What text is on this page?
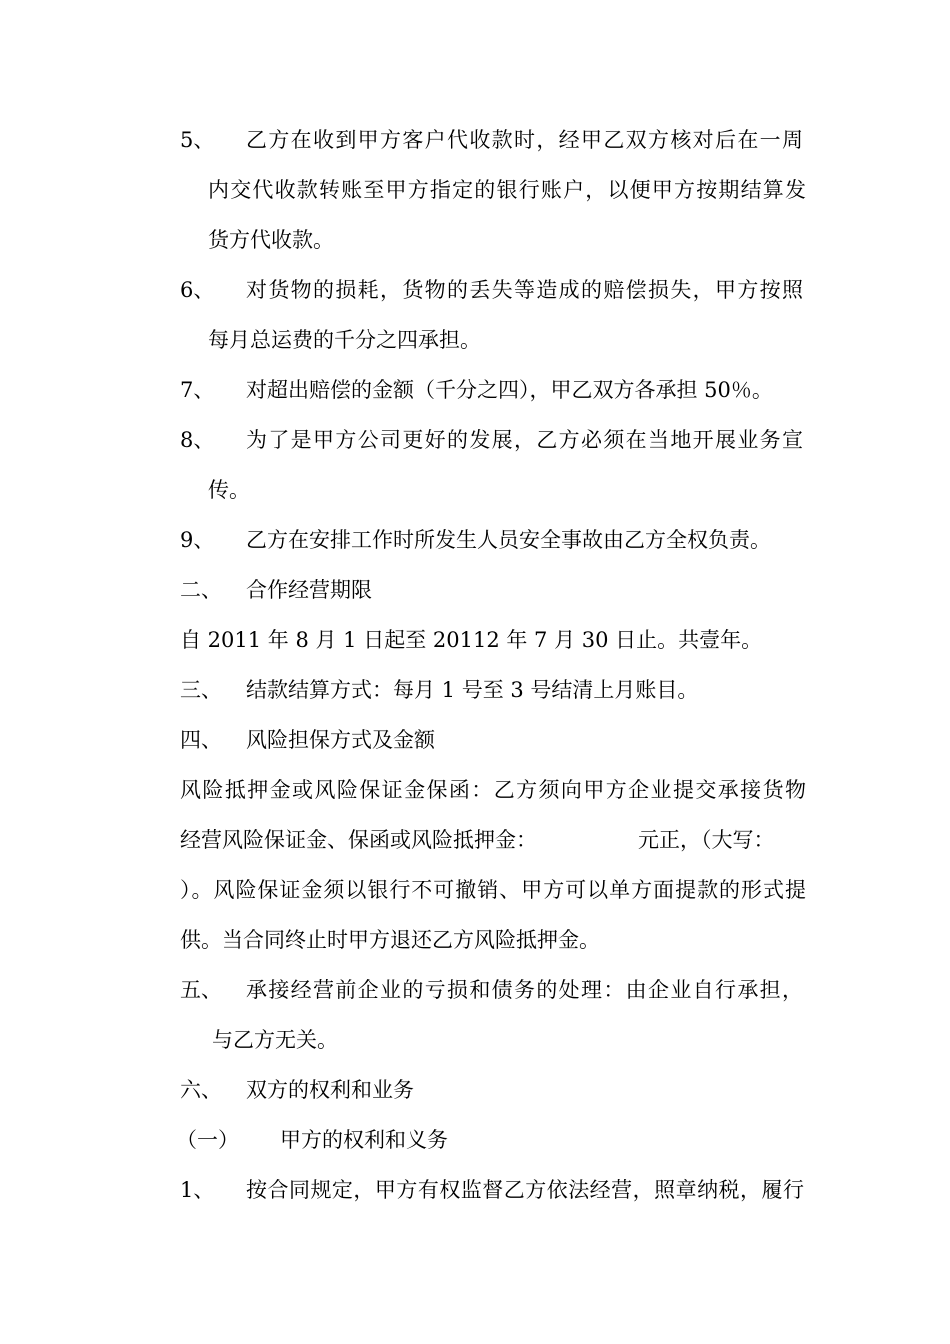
5、 乙方在收到甲方客户代收款时，经甲乙双方核对后在一周
内交代收款转账至甲方指定的银行账户，以便甲方按期结算发
货方代收款。
6、 对货物的损耗，货物的丢失等造成的赔偿损失，甲方按照
每月总运费的千分之四承担。
7、 对超出赔偿的金额（千分之四），甲乙双方各承担 50％。
8、 为了是甲方公司更好的发展，乙方必须在当地开展业务宣
传。
9、 乙方在安排工作时所发生人员安全事故由乙方全权负责。
二、 合作经营期限
自 2011 年 8 月 1 日起至 20112 年 7 月 30 日止。共壹年。
三、 结款结算方式：每月 1 号至 3 号结清上月账目。
四、 风险担保方式及金额
风险抵押金或风险保证金保函：乙方须向甲方企业提交承接货物
经营风险保证金、保函或风险抵押金：	元正，（大写：
）。风险保证金须以银行不可撤销、甲方可以单方面提款的形式提
供。当合同终止时甲方退还乙方风险抵押金。
五、 承接经营前企业的亏损和债务的处理：由企业自行承担，
与乙方无关。
六、 双方的权利和业务
（一） 甲方的权利和义务
1、 按合同规定，甲方有权监督乙方依法经营，照章纳税，履行
